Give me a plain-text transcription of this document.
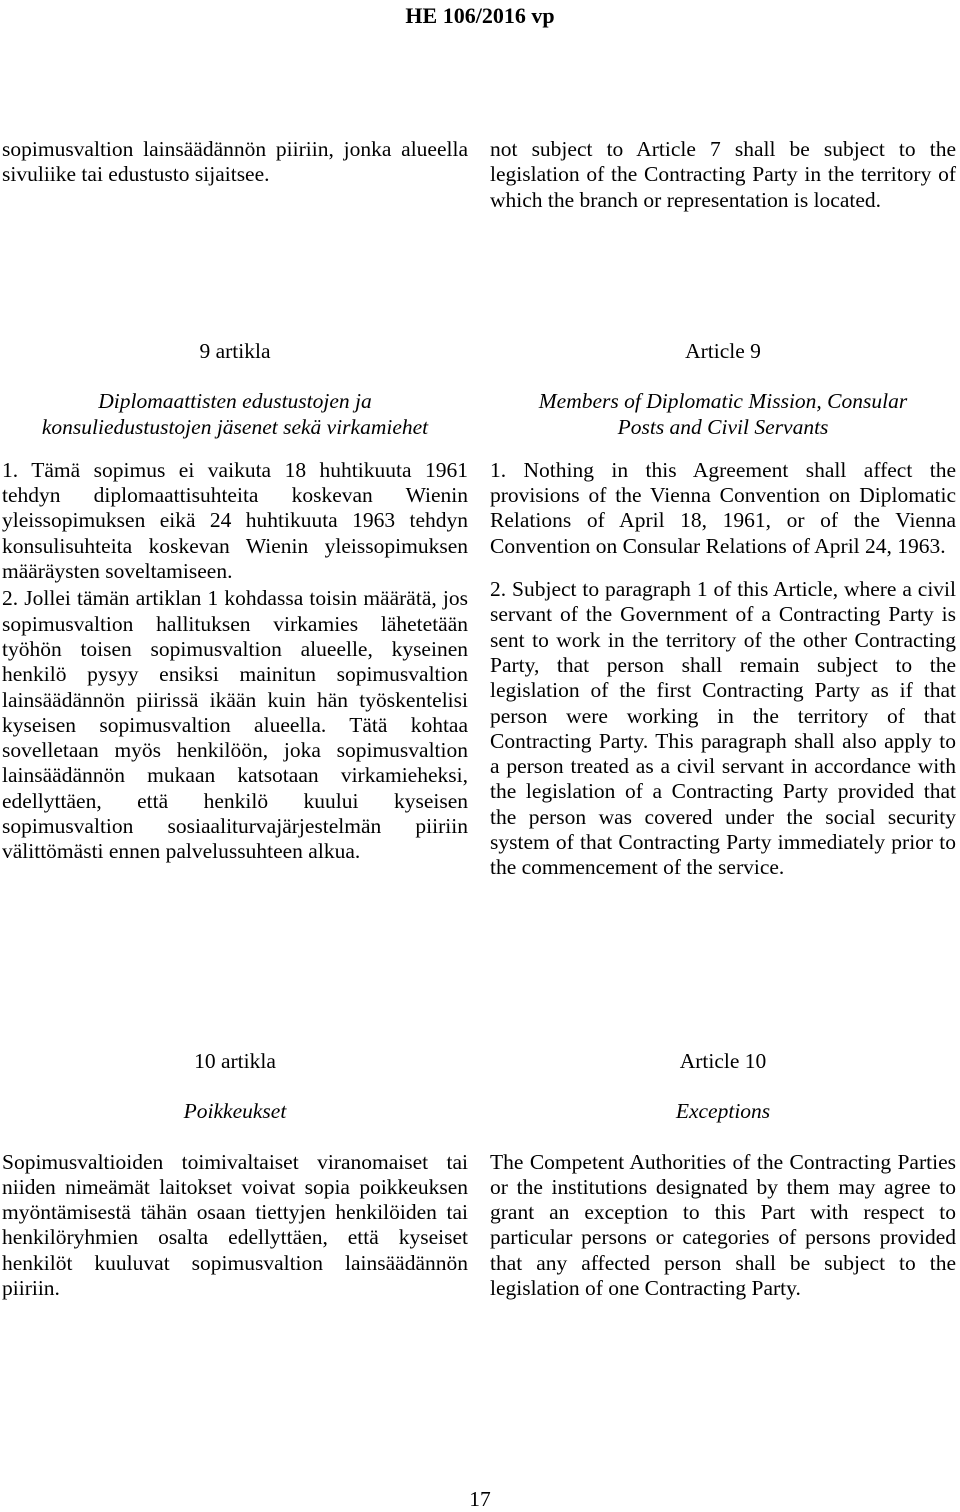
HE 106/2016 vp

sopimusvaltion lainsäädännön piiriin, jonka alueella sivuliike tai edustusto sijaitsee.

not subject to Article 7 shall be subject to the legislation of the Contracting Party in the territory of which the branch or representation is located.

9 artikla

Diplomaattisten edustustojen ja

konsuliedustustojen jäsenet sekä virkamiehet

1. Tämä sopimus ei vaikuta 18 huhtikuuta 1961 tehdyn diplomaattisuhteita koskevan Wienin yleissopimuksen eikä 24 huhtikuuta 1963 tehdyn konsulisuhteita koskevan Wienin yleissopimuksen määräysten soveltamiseen.

2. Jollei tämän artiklan 1 kohdassa toisin määrätä, jos sopimusvaltion hallituksen virkamies lähetetään työhön toisen sopimusvaltion alueelle, kyseinen henkilö pysyy ensiksi mainitun sopimusvaltion lainsäädännön piirissä ikään kuin hän työskentelisi kyseisen sopimusvaltion alueella. Tätä kohtaa sovelletaan myös henkilöön, joka sopimusvaltion lainsäädännön mukaan katsotaan virkamieheksi, edellyttäen, että henkilö kuului kyseisen sopimusvaltion sosiaaliturvajärjestelmän piiriin välittömästi ennen palvelussuhteen alkua.

Article 9

Members of Diplomatic Mission, Consular

Posts and Civil Servants

1. Nothing in this Agreement shall affect the provisions of the Vienna Convention on Diplomatic Relations of April 18, 1961, or of the Vienna Convention on Consular Relations of April 24, 1963.

2. Subject to paragraph 1 of this Article, where a civil servant of the Government of a Contracting Party is sent to work in the territory of the other Contracting Party, that person shall remain subject to the legislation of the first Contracting Party as if that person were working in the territory of that Contracting Party. This paragraph shall also apply to a person treated as a civil servant in accordance with the legislation of a Contracting Party provided that the person was covered under the social security system of that Contracting Party immediately prior to the commencement of the service.

10 artikla

Poikkeukset

Sopimusvaltioiden toimivaltaiset viranomaiset tai niiden nimeämät laitokset voivat sopia poikkeuksen myöntämisestä tähän osaan tiettyjen henkilöiden tai henkilöryhmien osalta edellyttäen, että kyseiset henkilöt kuuluvat sopimusvaltion lainsäädännön piiriin.

Article 10

Exceptions

The Competent Authorities of the Contracting Parties or the institutions designated by them may agree to grant an exception to this Part with respect to particular persons or categories of persons provided that any affected person shall be subject to the legislation of one Contracting Party.

17
